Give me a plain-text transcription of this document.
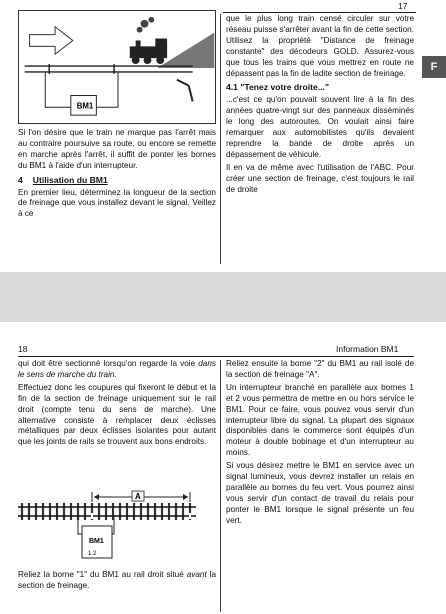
17
F
BM1

Si l'on désire que le train ne marque pas l'arrêt mais au contraire poursuive sa route, ou encore se remette en marche après l'arrêt, il suffit de ponter les bornes du BM1 à l'aide d'un interrupteur.

4 Utilisation du BM1

En premier lieu, déterminez la longueur de la section de freinage que vous installez devant le signal. Veillez à ce

que le plus long train censé circuler sur votre réseau puisse s'arrêter avant la fin de cette section. Utilisez la propriété "Distance de freinage constante" des décodeurs GOLD. Assurez-vous que tous les trains que vous mettrez en route ne dépassent pas la fin de ladite section de freinage.

4.1 "Tenez votre droite..."

...c'est ce qu'on pouvait souvent lire à la fin des années quatre-vingt sur des panneaux disséminés le long des autoroutes. On voulait ainsi faire remarquer aux automobilistes qu'ils devaient reprendre la bande de droite après un dépassement de véhicule.

Il en va de même avec l'utilisation de l'ABC. Pour créer une section de freinage, c'est toujours le rail de droite

18	Information BM1

qui doit être sectionné lorsqu'on regarde la voie dans le sens de marche du train.

Effectuez donc les coupures qui fixeront le début et la fin de la section de freinage uniquement sur le rail droit (compte tenu du sens de marche). Une alternative consiste à remplacer deux éclisses métalliques par deux éclisses isolantes pour autant que les joints de rails se trouvent aux bons endroits.

A
BM1
1 2

Reliez la borne "1" du BM1 au rail droit situé avant la section de freinage.

Reliez ensuite la borne "2" du BM1 au rail isolé de la section de freinage "A".

Un interrupteur branché en parallèle aux bornes 1 et 2 vous permettra de mettre en ou hors service le BM1. Pour ce faire, vous pouvez vous servir d'un interrupteur libre du signal. La plupart des signaux disponibles dans le commerce sont équipés d'un moteur à double bobinage et d'un interrupteur au moins.

Si vous désirez mettre le BM1 en service avec un signal lumineux, vous devrez installer un relais en parallèle au bornes du feu vert. Vous pourrez ainsi vous servir d'un contact de travail du relais pour ponter le BM1 lorsque le signal présente un feu vert.
